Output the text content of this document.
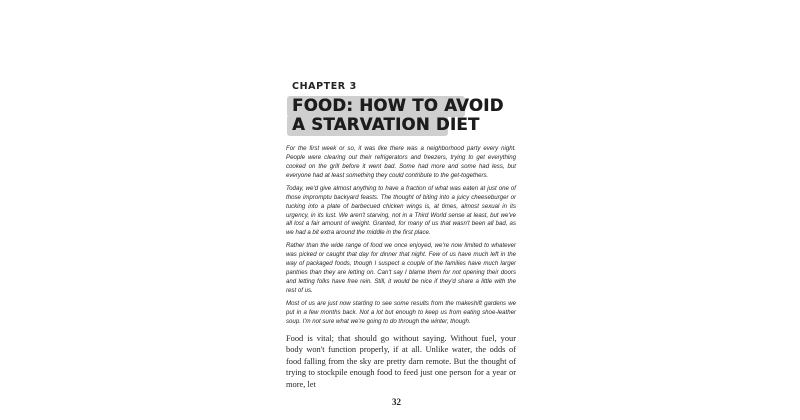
CHAPTER 3
FOOD: HOW TO AVOID
A STARVATION DIET

For the first week or so, it was like there was a neighborhood party every night. People were clearing out their refrigerators and freezers, trying to get everything cooked on the grill before it went bad. Some had more and some had less, but everyone had at least something they could contribute to the get-togethers.

Today, we'd give almost anything to have a fraction of what was eaten at just one of those impromptu backyard feasts. The thought of biting into a juicy cheeseburger or tucking into a plate of barbecued chicken wings is, at times, almost sexual in its urgency, in its lust. We aren't starving, not in a Third World sense at least, but we've all lost a fair amount of weight. Granted, for many of us that wasn't been all bad, as we had a bit extra around the middle in the first place.

Rather than the wide range of food we once enjoyed, we're now limited to whatever was picked or caught that day for dinner that night. Few of us have much left in the way of packaged foods, though I suspect a couple of the families have much larger pantries than they are letting on. Can't say I blame them for not opening their doors and letting folks have free rein. Still, it would be nice if they'd share a little with the rest of us.

Most of us are just now starting to see some results from the makeshift gardens we put in a few months back. Not a lot but enough to keep us from eating shoe-leather soup. I'm not sure what we're going to do through the winter, though.

Food is vital; that should go without saying. Without fuel, your body won't function properly, if at all. Unlike water, the odds of food falling from the sky are pretty darn remote. But the thought of trying to stockpile enough food to feed just one person for a year or more, let

32
